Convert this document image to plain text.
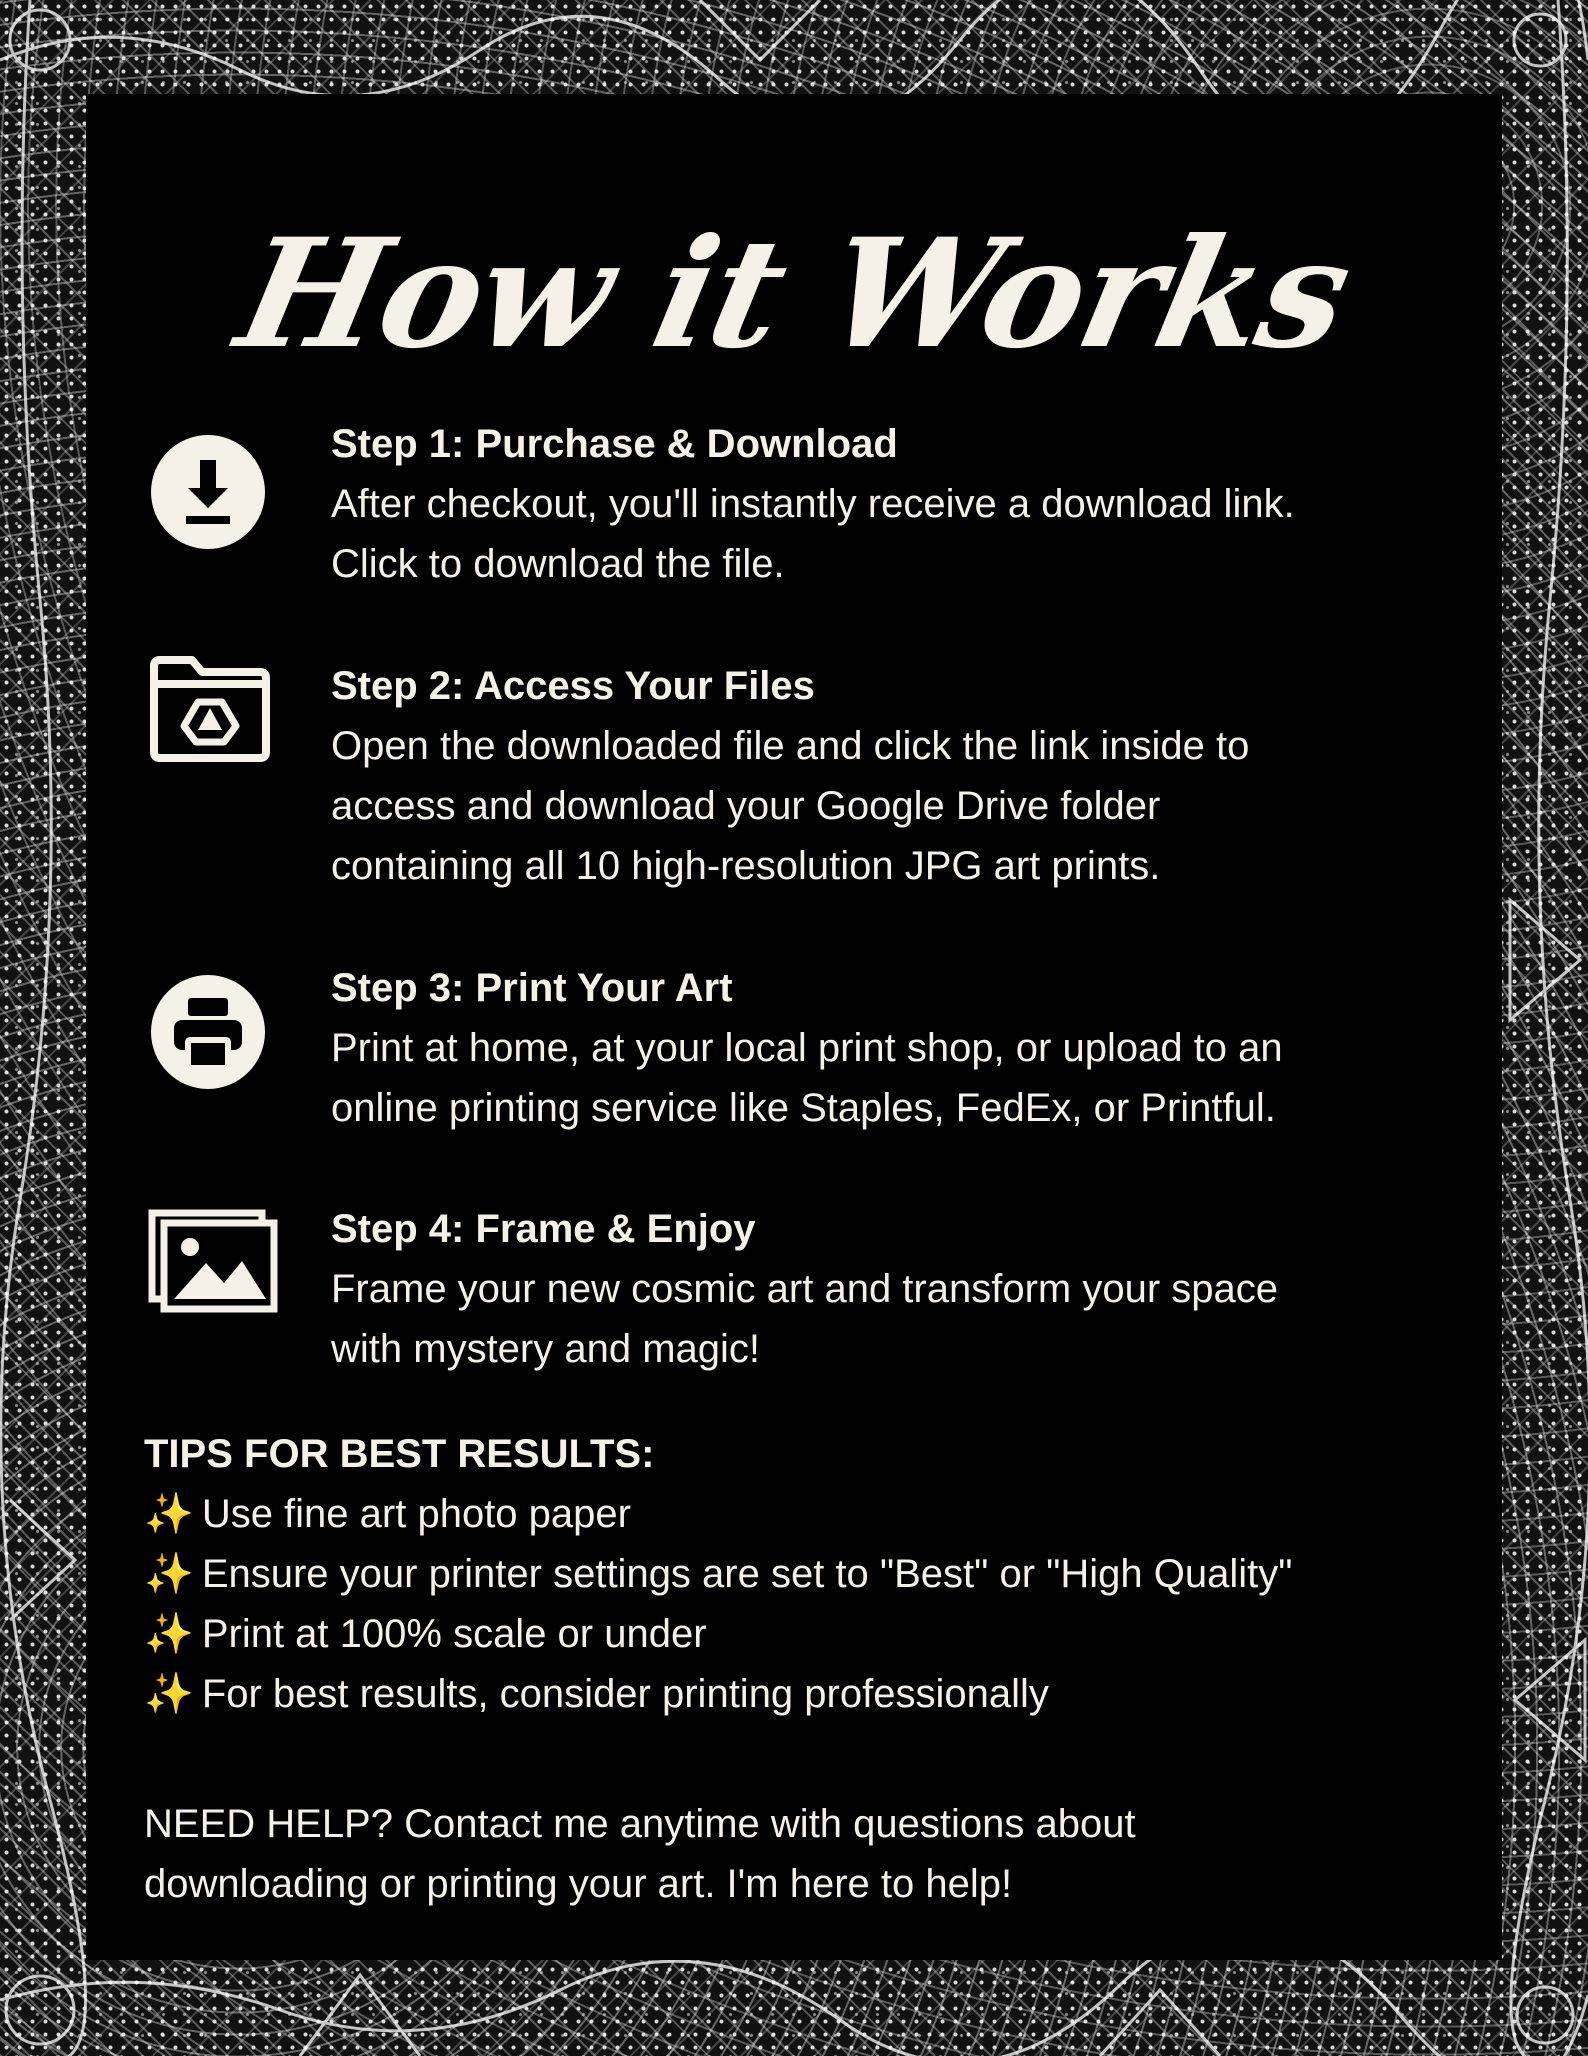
How it Works
Step 1: Purchase & Download
After checkout, you'll instantly receive a download link.
Click to download the file.
Step 2: Access Your Files
Open the downloaded file and click the link inside to
access and download your Google Drive folder
containing all 10 high-resolution JPG art prints.
Step 3: Print Your Art
Print at home, at your local print shop, or upload to an
online printing service like Staples, FedEx, or Printful.
Step 4: Frame & Enjoy
Frame your new cosmic art and transform your space
with mystery and magic!
TIPS FOR BEST RESULTS:
✨ Use fine art photo paper
✨ Ensure your printer settings are set to "Best" or "High Quality"
✨ Print at 100% scale or under
✨ For best results, consider printing professionally
NEED HELP? Contact me anytime with questions about
downloading or printing your art. I'm here to help!
